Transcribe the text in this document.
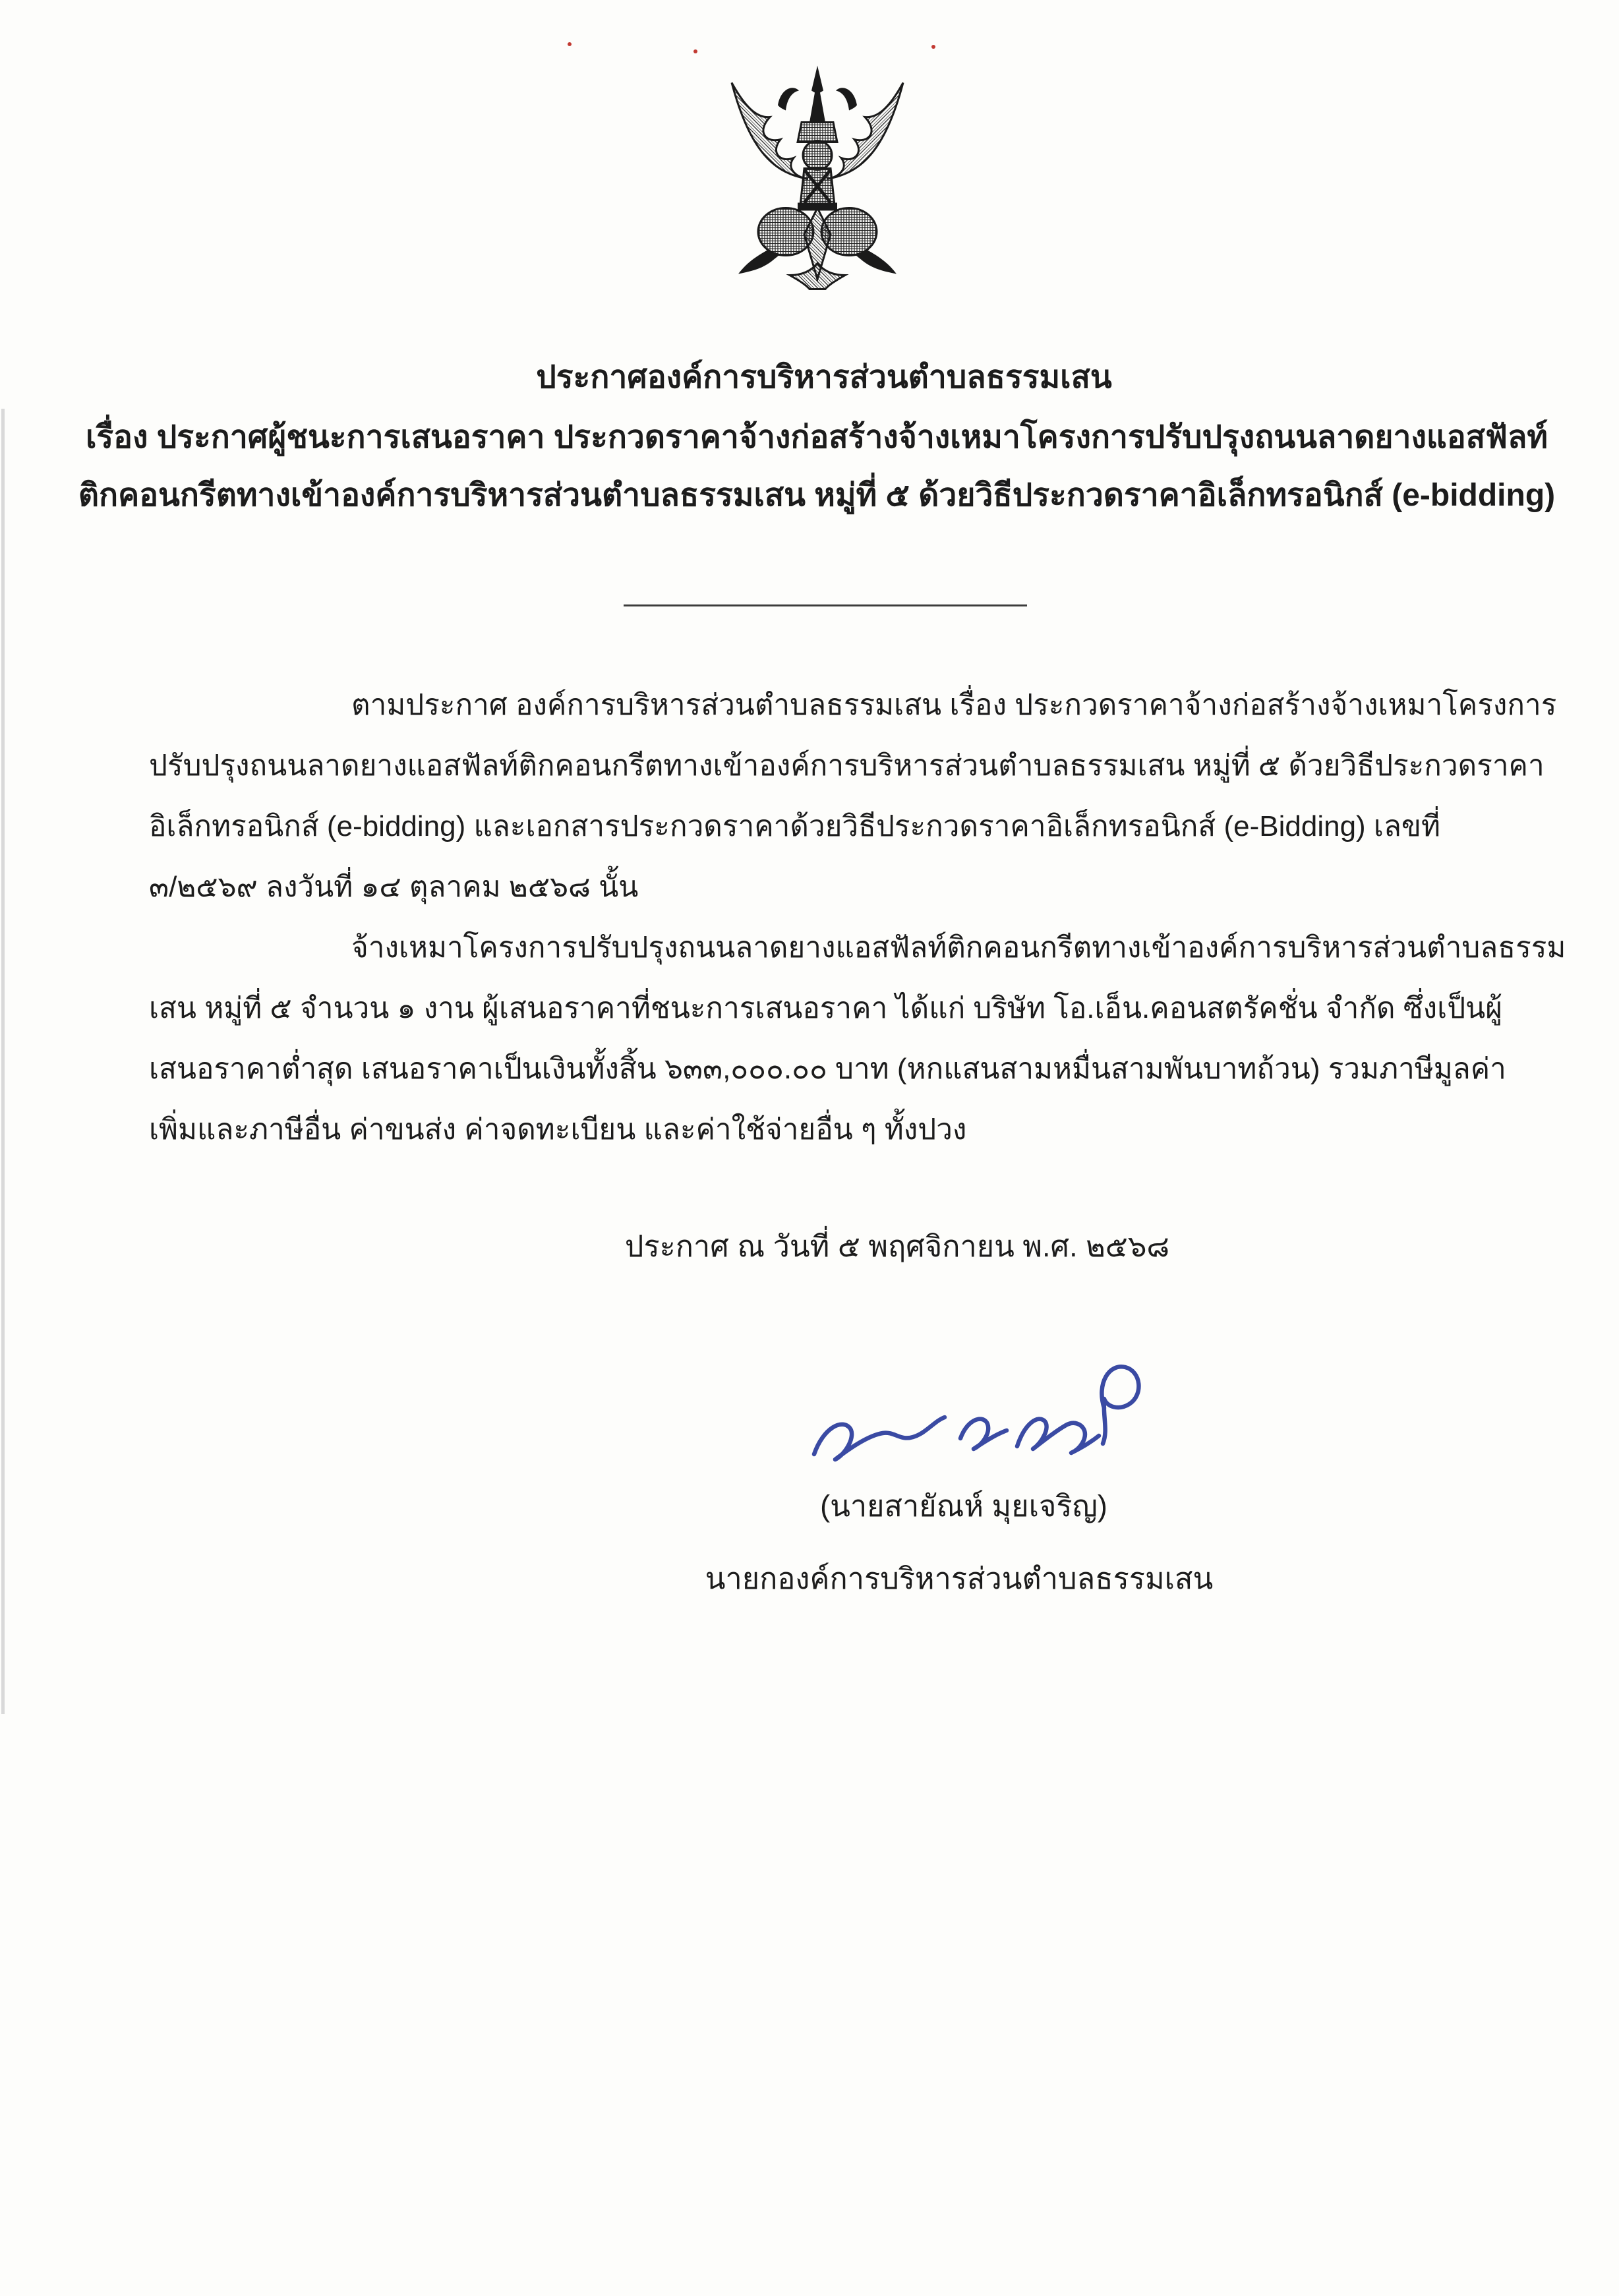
ประกาศองค์การบริหารส่วนตำบลธรรมเสน
เรื่อง ประกาศผู้ชนะการเสนอราคา ประกวดราคาจ้างก่อสร้างจ้างเหมาโครงการปรับปรุงถนนลาดยางแอสฟัลท์
ติกคอนกรีตทางเข้าองค์การบริหารส่วนตำบลธรรมเสน หมู่ที่ ๕ ด้วยวิธีประกวดราคาอิเล็กทรอนิกส์ (e-bidding)
ตามประกาศ องค์การบริหารส่วนตำบลธรรมเสน เรื่อง ประกวดราคาจ้างก่อสร้างจ้างเหมาโครงการ
ปรับปรุงถนนลาดยางแอสฟัลท์ติกคอนกรีตทางเข้าองค์การบริหารส่วนตำบลธรรมเสน หมู่ที่ ๕ ด้วยวิธีประกวดราคา
อิเล็กทรอนิกส์ (e-bidding) และเอกสารประกวดราคาด้วยวิธีประกวดราคาอิเล็กทรอนิกส์ (e-Bidding) เลขที่
๓/๒๕๖๙ ลงวันที่ ๑๔ ตุลาคม ๒๕๖๘ นั้น
จ้างเหมาโครงการปรับปรุงถนนลาดยางแอสฟัลท์ติกคอนกรีตทางเข้าองค์การบริหารส่วนตำบลธรรม
เสน หมู่ที่ ๕ จำนวน ๑ งาน ผู้เสนอราคาที่ชนะการเสนอราคา ได้แก่ บริษัท โอ.เอ็น.คอนสตรัคชั่น จำกัด ซึ่งเป็นผู้
เสนอราคาต่ำสุด เสนอราคาเป็นเงินทั้งสิ้น ๖๓๓,๐๐๐.๐๐ บาท (หกแสนสามหมื่นสามพันบาทถ้วน) รวมภาษีมูลค่า
เพิ่มและภาษีอื่น ค่าขนส่ง ค่าจดทะเบียน และค่าใช้จ่ายอื่น ๆ ทั้งปวง
ประกาศ ณ วันที่ ๕ พฤศจิกายน พ.ศ. ๒๕๖๘
(นายสายัณห์ มุยเจริญ)
นายกองค์การบริหารส่วนตำบลธรรมเสน
